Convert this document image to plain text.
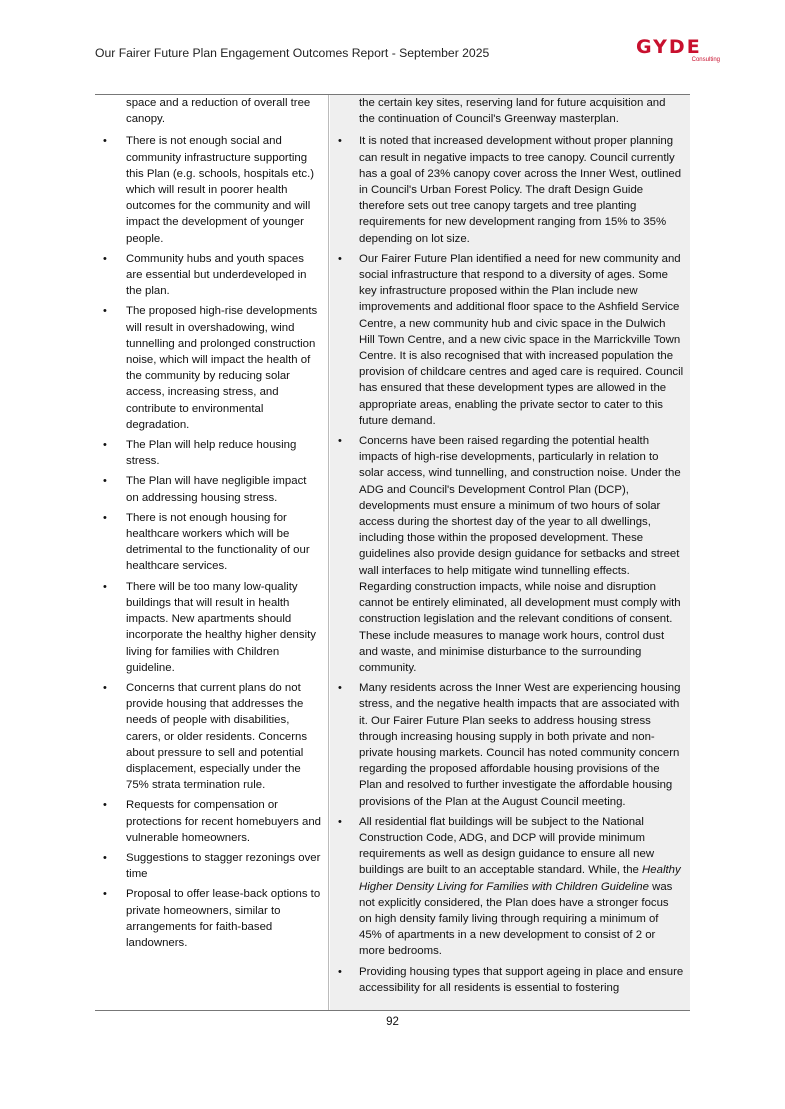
Our Fairer Future Plan Engagement Outcomes Report - September 2025	GYDE
Consulting
space and a reduction of overall tree canopy.
• There is not enough social and community infrastructure supporting this Plan (e.g. schools, hospitals etc.) which will result in poorer health outcomes for the community and will impact the development of younger people.
• Community hubs and youth spaces are essential but underdeveloped in the plan.
• The proposed high-rise developments will result in overshadowing, wind tunnelling and prolonged construction noise, which will impact the health of the community by reducing solar access, increasing stress, and contribute to environmental degradation.
• The Plan will help reduce housing stress.
• The Plan will have negligible impact on addressing housing stress.
• There is not enough housing for healthcare workers which will be detrimental to the functionality of our healthcare services.
• There will be too many low-quality buildings that will result in health impacts. New apartments should incorporate the healthy higher density living for families with Children guideline.
• Concerns that current plans do not provide housing that addresses the needs of people with disabilities, carers, or older residents. Concerns about pressure to sell and potential displacement, especially under the 75% strata termination rule.
• Requests for compensation or protections for recent homebuyers and vulnerable homeowners.
• Suggestions to stagger rezonings over time
• Proposal to offer lease-back options to private homeowners, similar to arrangements for faith-based landowners.
the certain key sites, reserving land for future acquisition and the continuation of Council's Greenway masterplan.
• It is noted that increased development without proper planning can result in negative impacts to tree canopy. Council currently has a goal of 23% canopy cover across the Inner West, outlined in Council's Urban Forest Policy. The draft Design Guide therefore sets out tree canopy targets and tree planting requirements for new development ranging from 15% to 35% depending on lot size.
• Our Fairer Future Plan identified a need for new community and social infrastructure that respond to a diversity of ages. Some key infrastructure proposed within the Plan include new improvements and additional floor space to the Ashfield Service Centre, a new community hub and civic space in the Dulwich Hill Town Centre, and a new civic space in the Marrickville Town Centre. It is also recognised that with increased population the provision of childcare centres and aged care is required. Council has ensured that these development types are allowed in the appropriate areas, enabling the private sector to cater to this future demand.
• Concerns have been raised regarding the potential health impacts of high-rise developments, particularly in relation to solar access, wind tunnelling, and construction noise. Under the ADG and Council's Development Control Plan (DCP), developments must ensure a minimum of two hours of solar access during the shortest day of the year to all dwellings, including those within the proposed development. These guidelines also provide design guidance for setbacks and street wall interfaces to help mitigate wind tunnelling effects. Regarding construction impacts, while noise and disruption cannot be entirely eliminated, all development must comply with construction legislation and the relevant conditions of consent. These include measures to manage work hours, control dust and waste, and minimise disturbance to the surrounding community.
• Many residents across the Inner West are experiencing housing stress, and the negative health impacts that are associated with it. Our Fairer Future Plan seeks to address housing stress through increasing housing supply in both private and non-private housing markets. Council has noted community concern regarding the proposed affordable housing provisions of the Plan and resolved to further investigate the affordable housing provisions of the Plan at the August Council meeting.
• All residential flat buildings will be subject to the National Construction Code, ADG, and DCP will provide minimum requirements as well as design guidance to ensure all new buildings are built to an acceptable standard. While, the Healthy Higher Density Living for Families with Children Guideline was not explicitly considered, the Plan does have a stronger focus on high density family living through requiring a minimum of 45% of apartments in a new development to consist of 2 or more bedrooms.
• Providing housing types that support ageing in place and ensure accessibility for all residents is essential to fostering
92
